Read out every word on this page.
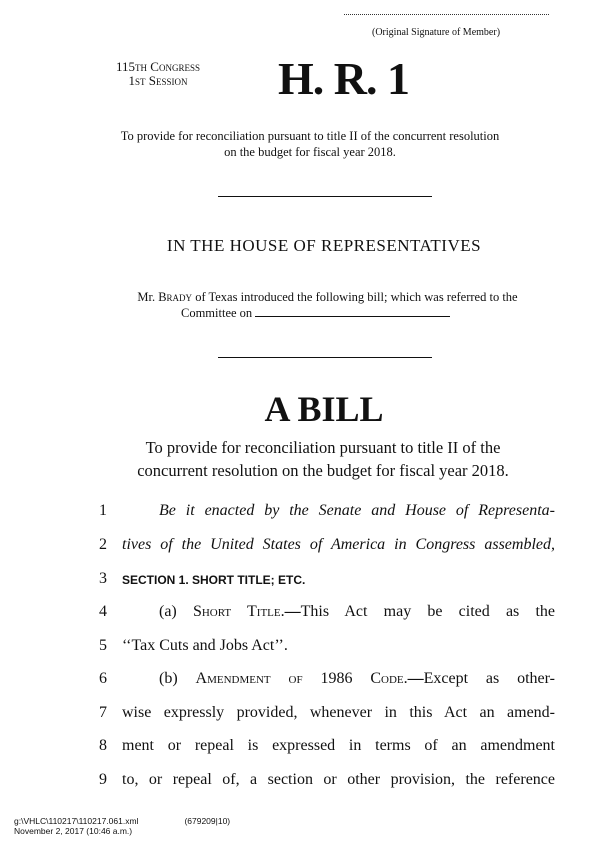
(Original Signature of Member)
115th Congress
1st Session	H. R. 1
To provide for reconciliation pursuant to title II of the concurrent resolution
on the budget for fiscal year 2018.
IN THE HOUSE OF REPRESENTATIVES
Mr. Brady of Texas introduced the following bill; which was referred to the
Committee on
A BILL
To provide for reconciliation pursuant to title II of the
concurrent resolution on the budget for fiscal year 2018.
1	Be it enacted by the Senate and House of Representa-
2 tives of the United States of America in Congress assembled,
3	SECTION 1. SHORT TITLE; ETC.
4	(a) Short Title.—This Act may be cited as the
5 ‘‘Tax Cuts and Jobs Act’’.
6	(b) Amendment of 1986 Code.—Except as other-
7 wise expressly provided, whenever in this Act an amend-
8 ment or repeal is expressed in terms of an amendment
9 to, or repeal of, a section or other provision, the reference
g:\VHLC\110217\110217.061.xml	(679209|10)
November 2, 2017 (10:46 a.m.)
